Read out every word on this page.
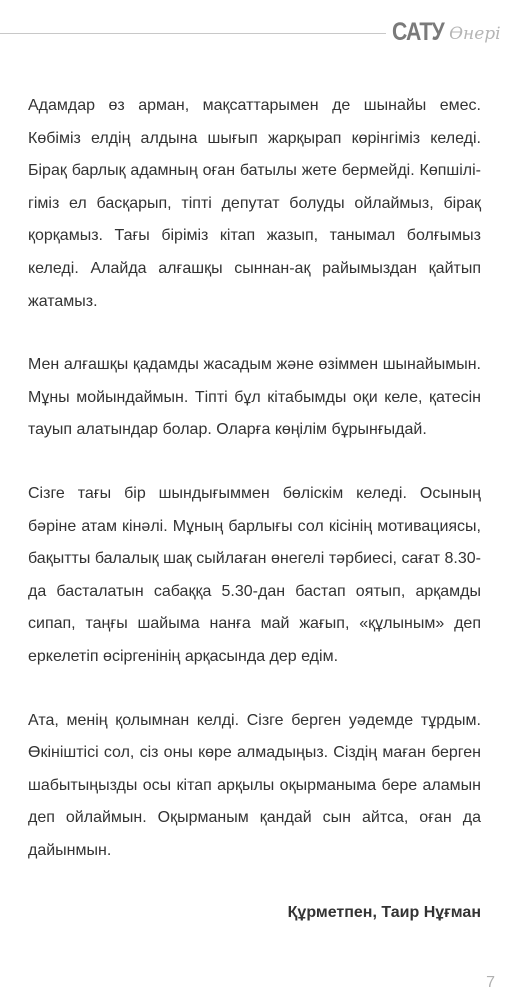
САТУ Өнері

Адамдар өз арман, мақсаттарымен де шынайы емес. Көбіміз елдің алдына шығып жарқырап көрінгіміз келеді. Бірақ барлық адамның оған батылы жете бермейді. Көпшілігіміз ел басқарып, тіпті депутат болуды ойлаймыз, бірақ қорқамыз. Тағы біріміз кітап жазып, танымал болғымыз келеді. Алайда алғашқы сыннан-ақ райымыздан қайтып жатамыз.

Мен алғашқы қадамды жасадым және өзіммен шынайымын. Мұны мойындаймын. Тіпті бұл кітабымды оқи келе, қатесін тауып алатындар болар. Оларға көңілім бұрынғыдай.

Сізге тағы бір шындығыммен бөліскім келеді. Осының бәріне атам кінәлі. Мұның барлығы сол кісінің мотивациясы, бақытты балалық шақ сыйлаған өнегелі тәрбиесі, сағат 8.30-да басталатын сабаққа 5.30-дан бастап оятып, арқамды сипап, таңғы шайыма нанға май жағып, «құлыным» деп еркелетіп өсіргенінің арқасында дер едім.

Ата, менің қолымнан келді. Сізге берген уәдемде тұрдым. Өкініштісі сол, сіз оны көре алмадыңыз. Сіздің маған берген шабытыңызды осы кітап арқылы оқырманыма бере аламын деп ойлаймын. Оқырманым қандай сын айтса, оған да дайынмын.

Құрметпен, Таир Нұғман
7
